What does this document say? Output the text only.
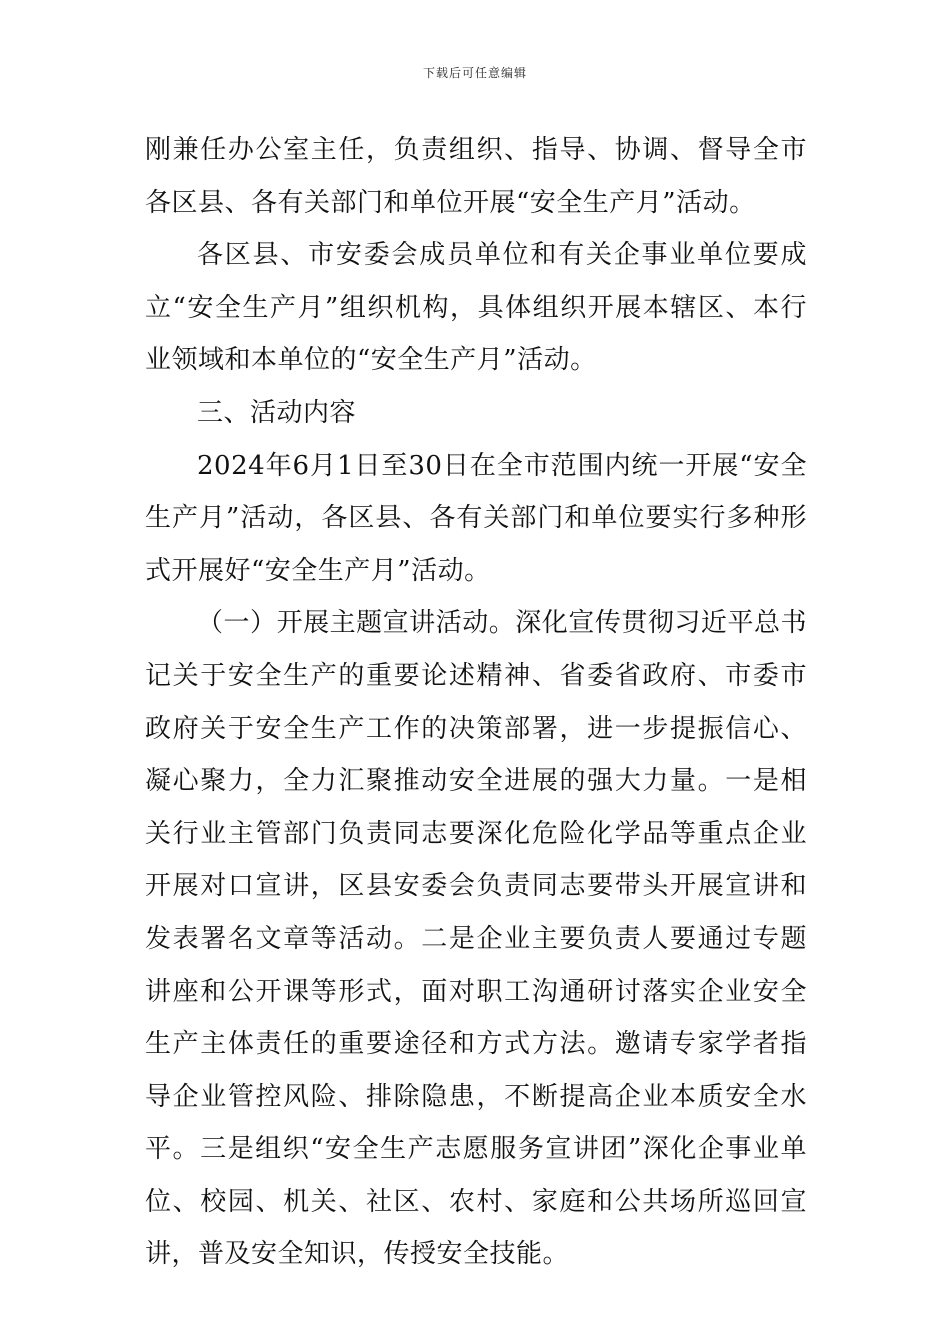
下载后可任意编辑

刚兼任办公室主任，负责组织、指导、协调、督导全市各区县、各有关部门和单位开展“安全生产月”活动。

各区县、市安委会成员单位和有关企事业单位要成立“安全生产月”组织机构，具体组织开展本辖区、本行业领域和本单位的“安全生产月”活动。

三、活动内容

2024年6月1日至30日在全市范围内统一开展“安全生产月”活动，各区县、各有关部门和单位要实行多种形式开展好“安全生产月”活动。

（一）开展主题宣讲活动。深化宣传贯彻习近平总书记关于安全生产的重要论述精神、省委省政府、市委市政府关于安全生产工作的决策部署，进一步提振信心、凝心聚力，全力汇聚推动安全进展的强大力量。一是相关行业主管部门负责同志要深化危险化学品等重点企业开展对口宣讲，区县安委会负责同志要带头开展宣讲和发表署名文章等活动。二是企业主要负责人要通过专题讲座和公开课等形式，面对职工沟通研讨落实企业安全生产主体责任的重要途径和方式方法。邀请专家学者指导企业管控风险、排除隐患，不断提高企业本质安全水平。三是组织“安全生产志愿服务宣讲团”深化企事业单位、校园、机关、社区、农村、家庭和公共场所巡回宣讲，普及安全知识，传授安全技能。
